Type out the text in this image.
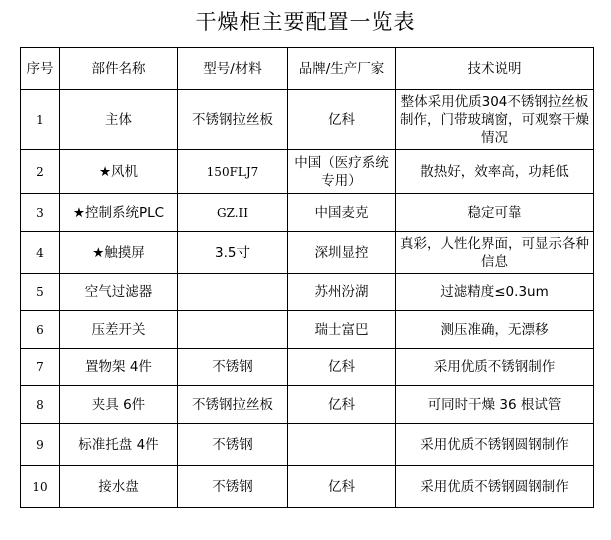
干燥柜主要配置一览表
序号	部件名称	型号/材料	品牌/生产厂家	技术说明
1	主体	不锈钢拉丝板	亿科	整体采用优质304不锈钢拉丝板制作，门带玻璃窗，可观察干燥情况
2	★风机	150FLJ7	中国（医疗系统专用）	散热好，效率高，功耗低
3	★控制系统PLC	GZ.II	中国麦克	稳定可靠
4	★触摸屏	3.5寸	深圳显控	真彩，人性化界面，可显示各种信息
5	空气过滤器		苏州汾湖	过滤精度≤0.3um
6	压差开关		瑞士富巴	测压准确，无漂移
7	置物架 4件	不锈钢	亿科	采用优质不锈钢制作
8	夹具 6件	不锈钢拉丝板	亿科	可同时干燥 36 根试管
9	标准托盘 4件	不锈钢		采用优质不锈钢圆钢制作
10	接水盘	不锈钢	亿科	采用优质不锈钢圆钢制作
